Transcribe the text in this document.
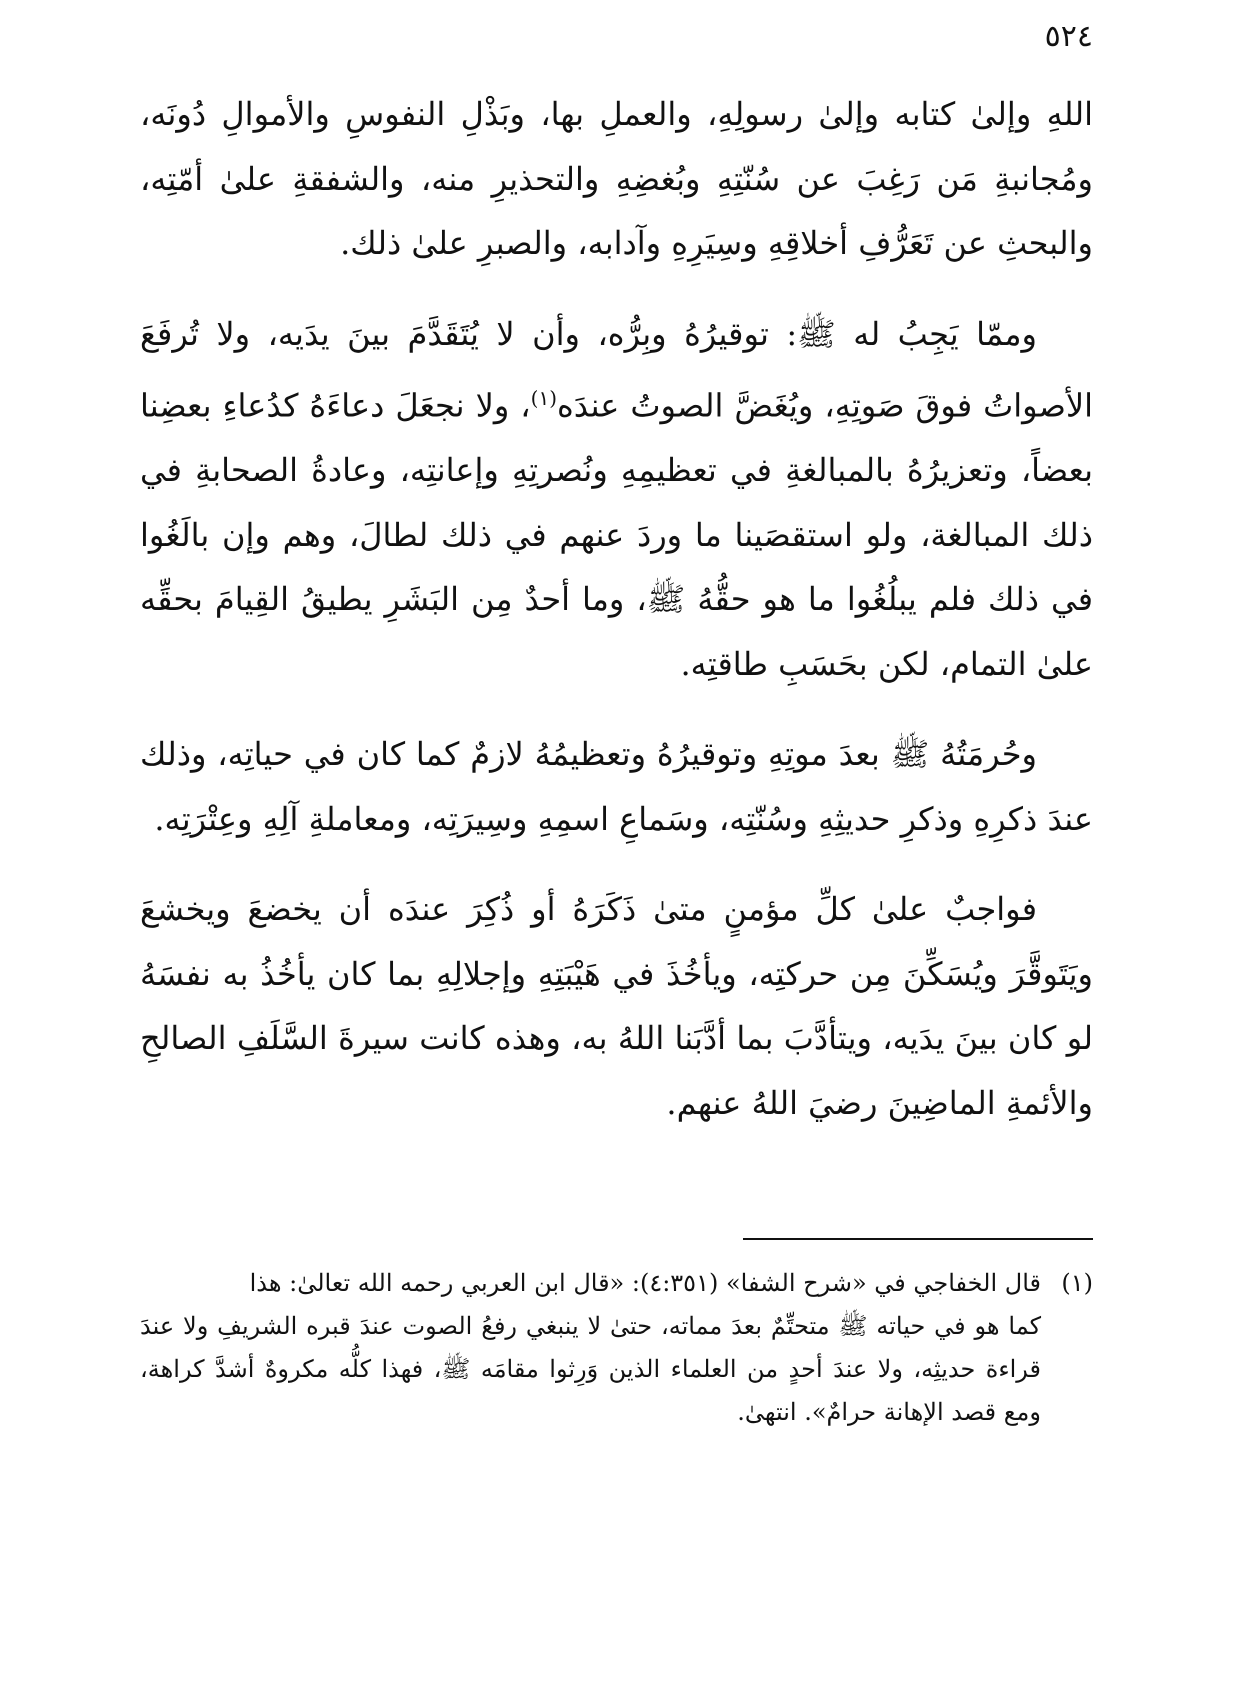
٥٢٤

اللهِ وإلىٰ كتابه وإلىٰ رسولِهِ، والعملِ بها، وبَذْلِ النفوسِ والأموالِ دُونَه، ومُجانبةِ مَن رَغِبَ عن سُنّتِهِ وبُغضِهِ والتحذيرِ منه، والشفقةِ علىٰ أمّتِه، والبحثِ عن تَعَرُّفِ أخلاقِهِ وسِيَرِهِ وآدابه، والصبرِ علىٰ ذلك.

وممّا يَجِبُ له ﷺ: توقيرُهُ وبِرُّه، وأن لا يُتَقَدَّمَ بينَ يدَيه، ولا تُرفَعَ الأصواتُ فوقَ صَوتِهِ، ويُغَضَّ الصوتُ عندَه$^{(١)}$، ولا نجعَلَ دعاءَهُ كدُعاءِ بعضِنا بعضاً، وتعزيرُهُ بالمبالغةِ في تعظيمِهِ ونُصرتِهِ وإعانتِه، وعادةُ الصحابةِ في ذلك المبالغة، ولو استقصَينا ما وردَ عنهم في ذلك لطالَ، وهم وإن بالَغُوا في ذلك فلم يبلُغُوا ما هو حقُّهُ ﷺ، وما أحدٌ مِن البَشَرِ يطيقُ القِيامَ بحقِّه علىٰ التمام، لكن بحَسَبِ طاقتِه.

وحُرمَتُهُ ﷺ بعدَ موتِهِ وتوقيرُهُ وتعظيمُهُ لازمٌ كما كان في حياتِه، وذلك عندَ ذكرِهِ وذكرِ حديثِهِ وسُنّتِه، وسَماعِ اسمِهِ وسِيرَتِه، ومعاملةِ آلِهِ وعِتْرَتِه.

فواجبٌ علىٰ كلِّ مؤمنٍ متىٰ ذَكَرَهُ أو ذُكِرَ عندَه أن يخضعَ ويخشعَ ويَتَوقَّرَ ويُسَكِّنَ مِن حركتِه، ويأخُذَ في هَيْبَتِهِ وإجلالِهِ بما كان يأخُذُ به نفسَهُ لو كان بينَ يدَيه، ويتأدَّبَ بما أدَّبَنا اللهُ به، وهذه كانت سيرةَ السَّلَفِ الصالحِ والأئمةِ الماضِينَ رضيَ اللهُ عنهم.

(١)قال الخفاجي في «شرح الشفا» (٤:٣٥١): «قال ابن العربي رحمه الله تعالىٰ: هذا
كما هو في حياته ﷺ متحتِّمٌ بعدَ مماته، حتىٰ لا ينبغي رفعُ الصوت عندَ قبره الشريفِ ولا عندَ قراءة حديثِه، ولا عندَ أحدٍ من العلماء الذين وَرِثوا مقامَه ﷺ، فهذا كلُّه مكروهٌ أشدَّ كراهة، ومع قصد الإهانة حرامٌ». انتهىٰ.
